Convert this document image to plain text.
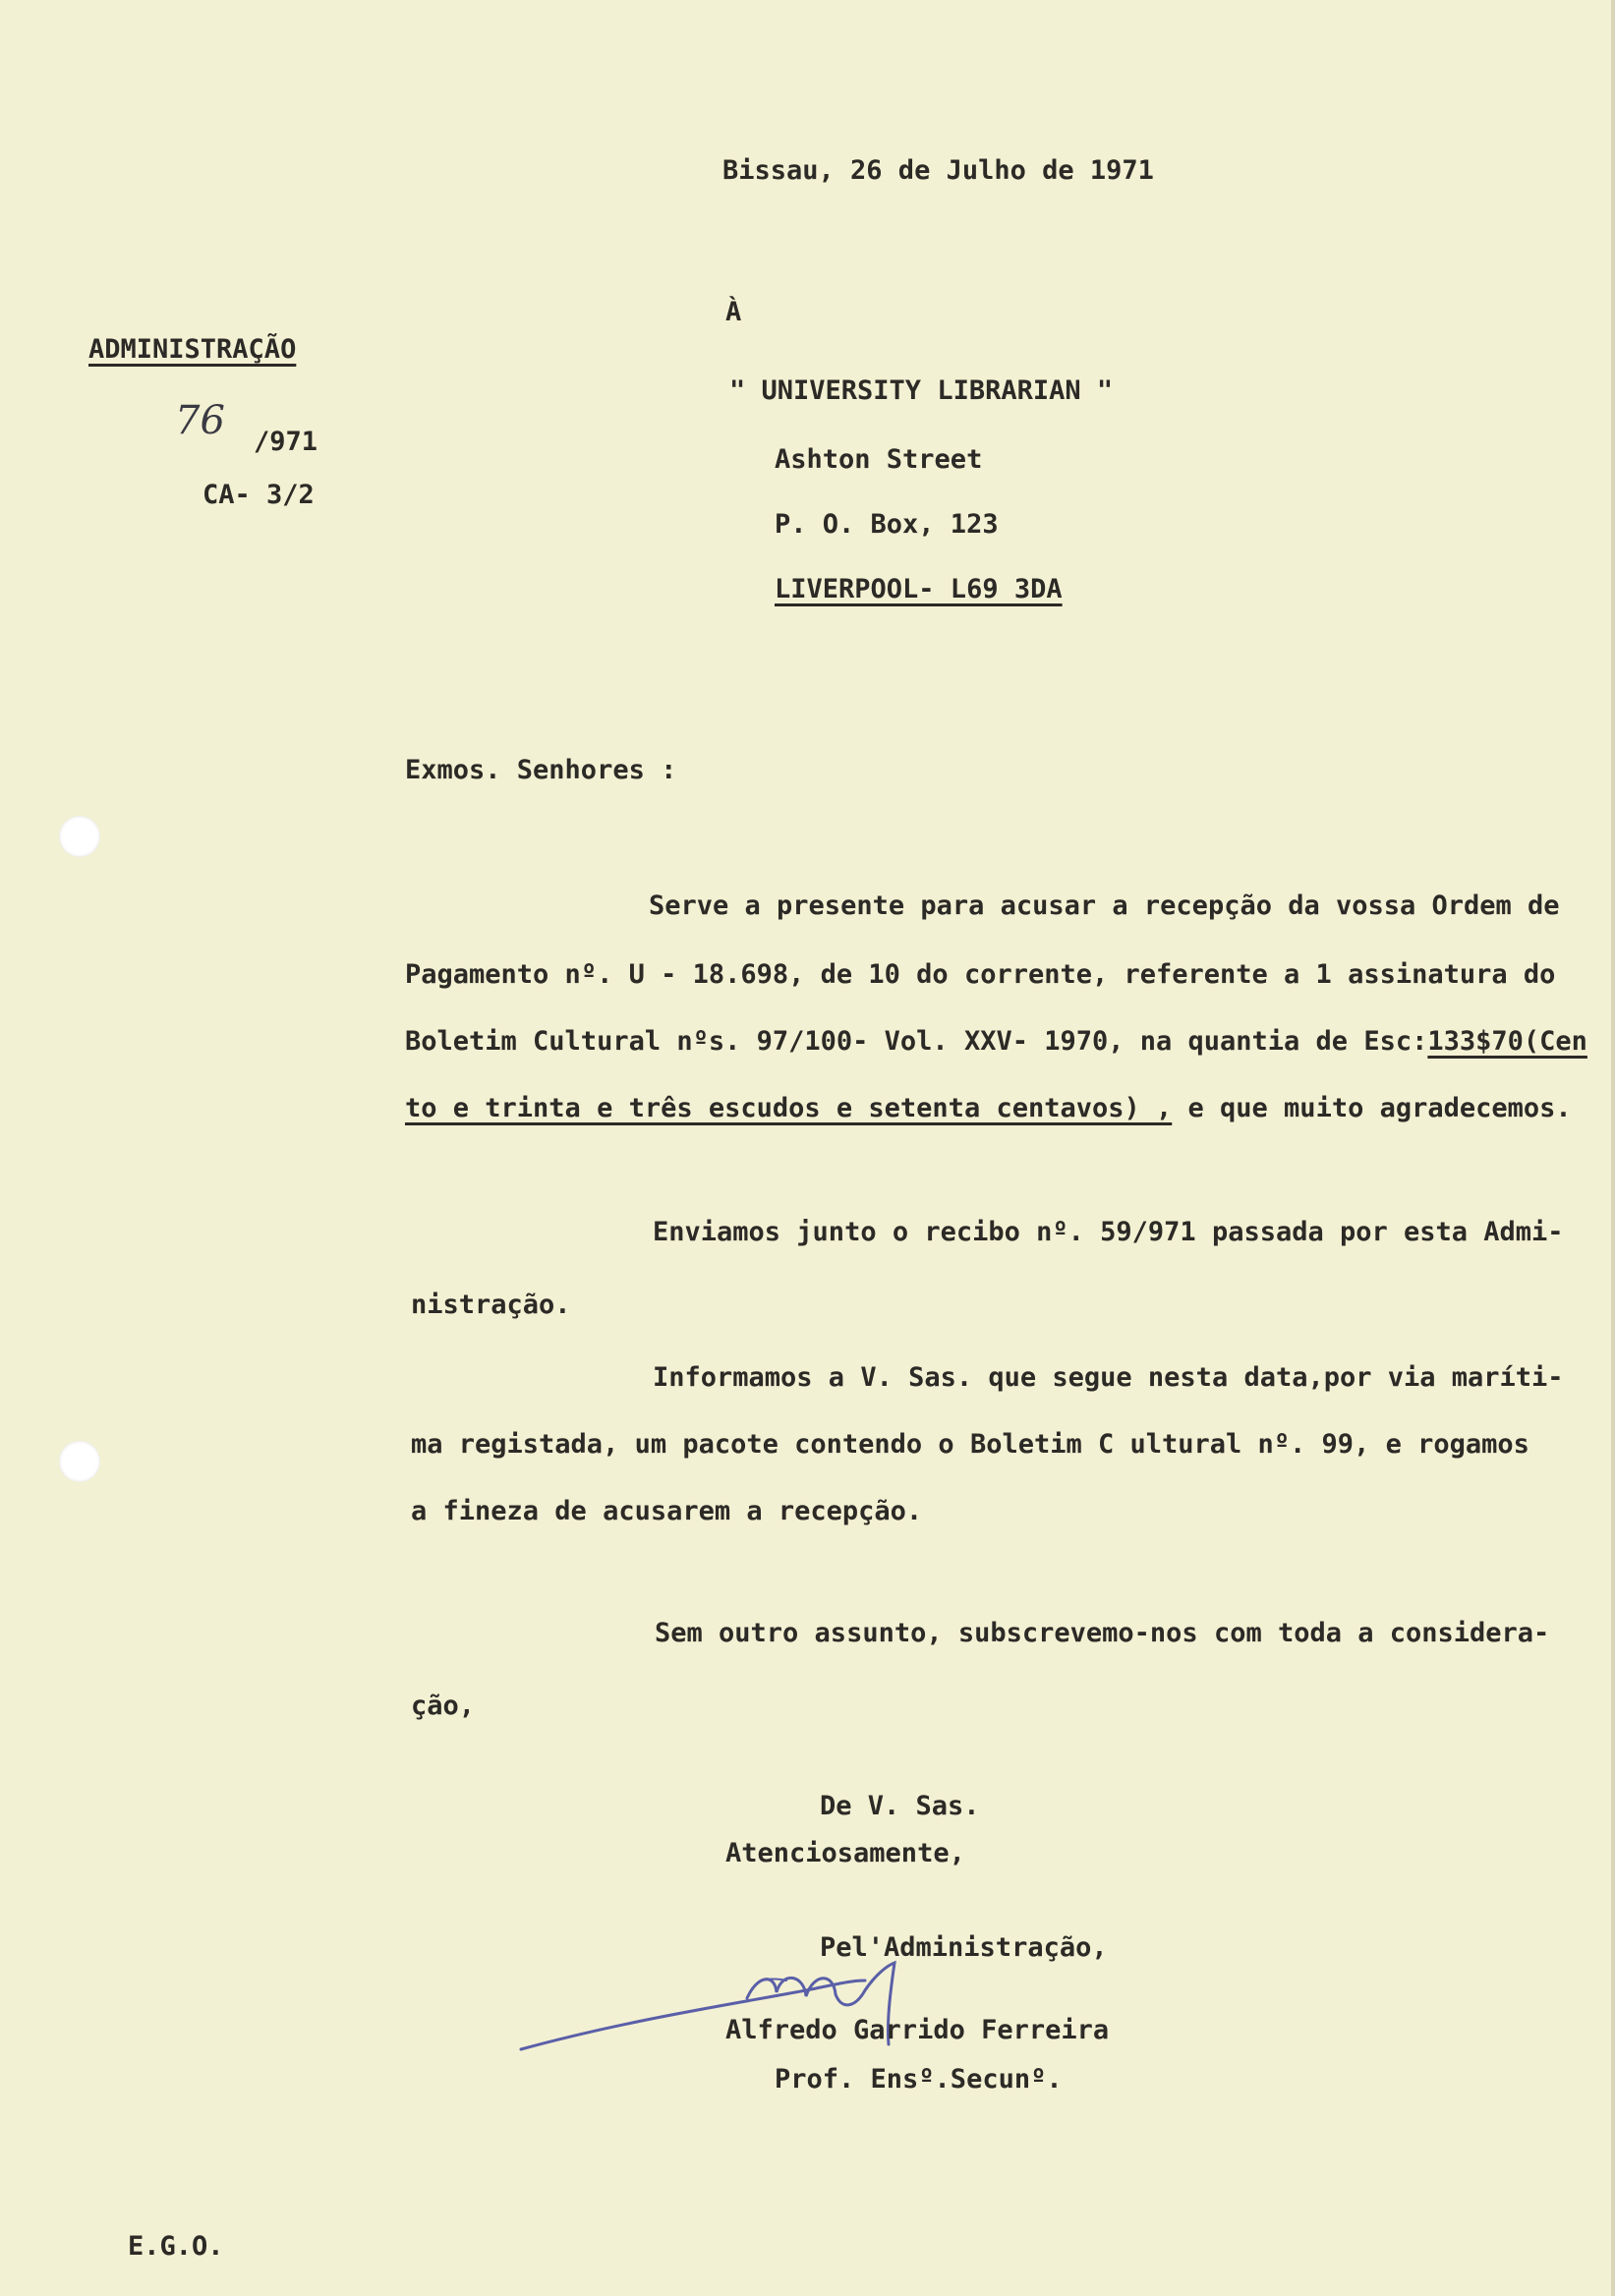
Bissau, 26 de Julho de 1971

À

" UNIVERSITY LIBRARIAN "

Ashton Street

P. O. Box, 123

LIVERPOOL- L69 3DA

ADMINISTRAÇÃO

76 /971

CA- 3/2

Exmos. Senhores :

Serve a presente para acusar a recepção da vossa Ordem de

Pagamento nº. U - 18.698, de 10 do corrente, referente a 1 assinatura do

Boletim Cultural nºs. 97/100- Vol. XXV- 1970, na quantia de Esc:133$70(Cen

to e trinta e três escudos e setenta centavos) , e que muito agradecemos.

Enviamos junto o recibo nº. 59/971 passada por esta Admi-

nistração.

Informamos a V. Sas. que segue nesta data,por via maríti-

ma registada, um pacote contendo o Boletim C ultural nº. 99, e rogamos

a fineza de acusarem a recepção.

Sem outro assunto, subscrevemo-nos com toda a considera-

ção,

De V. Sas.

Atenciosamente,

Pel'Administração,

Alfredo Garrido Ferreira

Prof. Ensº.Secunº.

E.G.O.
